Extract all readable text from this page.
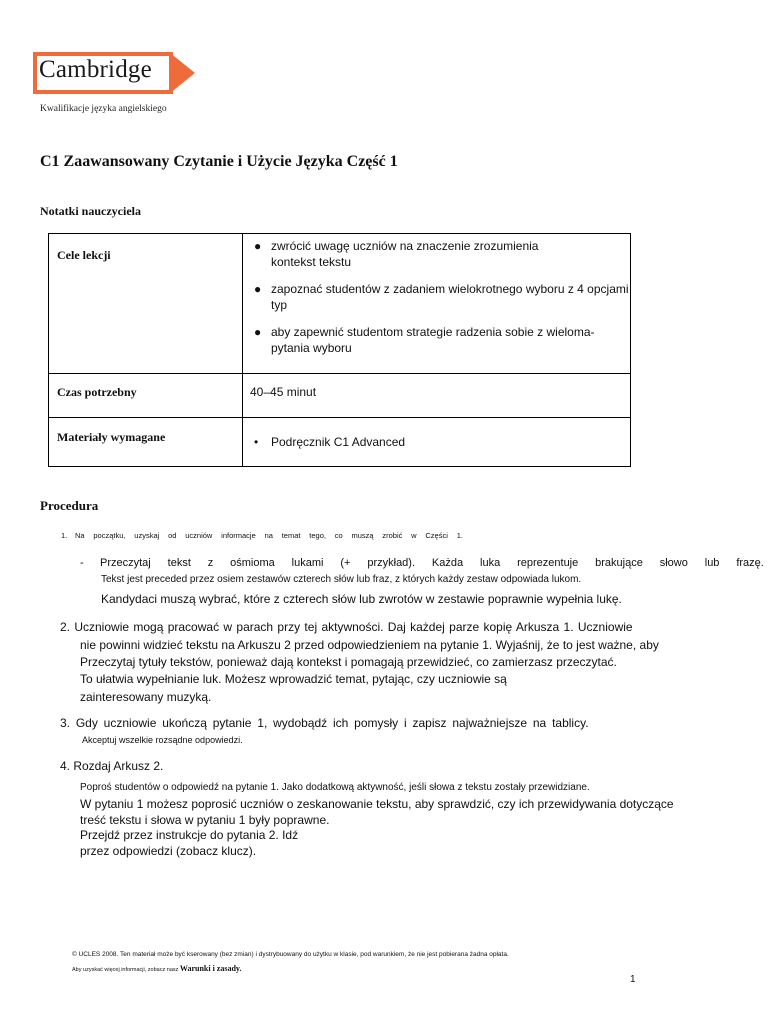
Cambridge
Kwalifikacje języka angielskiego
C1 Zaawansowany Czytanie i Użycie Języka Część 1
Notatki nauczyciela
Cele lekcji
● zwrócić uwagę uczniów na znaczenie zrozumienia
kontekst tekstu
● zapoznać studentów z zadaniem wielokrotnego wyboru z 4 opcjami
typ
● aby zapewnić studentom strategie radzenia sobie z wieloma-
pytania wyboru
Czas potrzebny	40–45 minut
Materiały wymagane	• Podręcznik C1 Advanced
Procedura
1. Na początku, uzyskaj od uczniów informacje na temat tego, co muszą zrobić w Części 1.
- Przeczytaj tekst z ośmioma lukami (+ przykład). Każda luka reprezentuje brakujące słowo lub frazę.
Tekst jest preceded przez osiem zestawów czterech słów lub fraz, z których każdy zestaw odpowiada lukom.
Kandydaci muszą wybrać, które z czterech słów lub zwrotów w zestawie poprawnie wypełnia lukę.
2. Uczniowie mogą pracować w parach przy tej aktywności. Daj każdej parze kopię Arkusza 1. Uczniowie
nie powinni widzieć tekstu na Arkuszu 2 przed odpowiedzieniem na pytanie 1. Wyjaśnij, że to jest ważne, aby
Przeczytaj tytuły tekstów, ponieważ dają kontekst i pomagają przewidzieć, co zamierzasz przeczytać.
To ułatwia wypełnianie luk. Możesz wprowadzić temat, pytając, czy uczniowie są
zainteresowany muzyką.
3. Gdy uczniowie ukończą pytanie 1, wydobądź ich pomysły i zapisz najważniejsze na tablicy.
Akceptuj wszelkie rozsądne odpowiedzi.
4. Rozdaj Arkusz 2.
Poproś studentów o odpowiedź na pytanie 1. Jako dodatkową aktywność, jeśli słowa z tekstu zostały przewidziane.
W pytaniu 1 możesz poprosić uczniów o zeskanowanie tekstu, aby sprawdzić, czy ich przewidywania dotyczące
treść tekstu i słowa w pytaniu 1 były poprawne.
Przejdź przez instrukcje do pytania 2. Idź
przez odpowiedzi (zobacz klucz).
© UCLES 2008. Ten materiał może być kserowany (bez zmian) i dystrybuowany do użytku w klasie, pod warunkiem, że nie jest pobierana żadna opłata.
Aby uzyskać więcej informacji, zobacz nasz Warunki i zasady.
1
